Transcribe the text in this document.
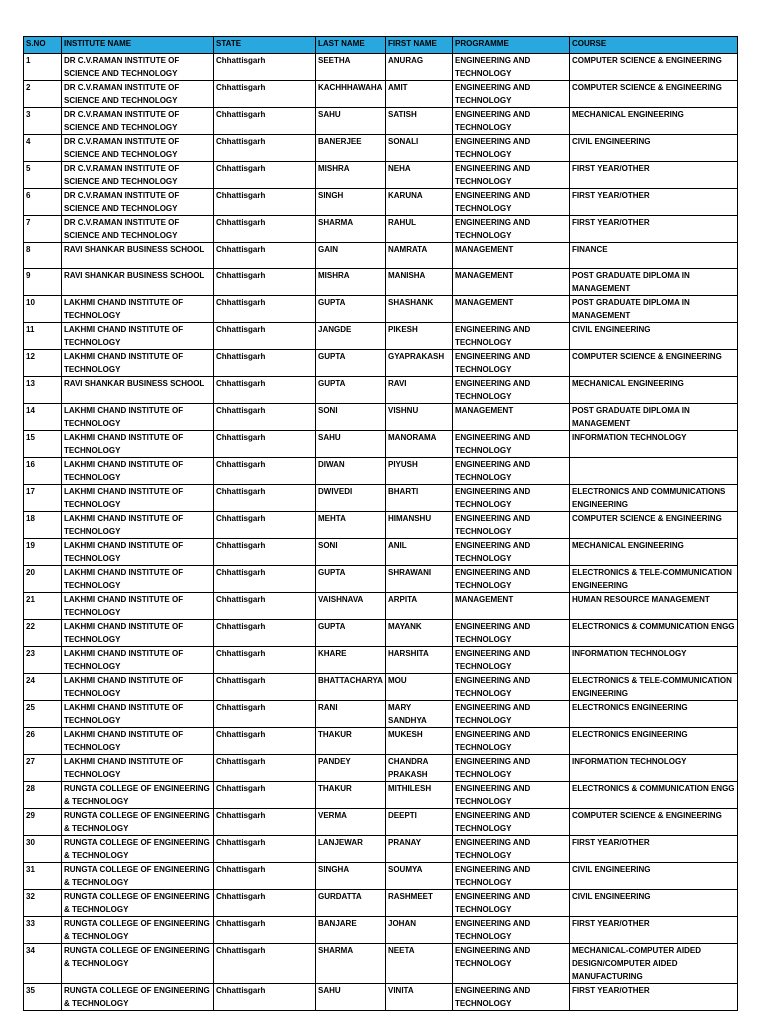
S.NO	INSTITUTE NAME	STATE	LAST NAME	FIRST NAME	PROGRAMME	COURSE
1	DR C.V.RAMAN INSTITUTE OF SCIENCE AND TECHNOLOGY	Chhattisgarh	SEETHA	ANURAG	ENGINEERING AND TECHNOLOGY	COMPUTER SCIENCE & ENGINEERING
2	DR C.V.RAMAN INSTITUTE OF SCIENCE AND TECHNOLOGY	Chhattisgarh	KACHHHAWAHA	AMIT	ENGINEERING AND TECHNOLOGY	COMPUTER SCIENCE & ENGINEERING
3	DR C.V.RAMAN INSTITUTE OF SCIENCE AND TECHNOLOGY	Chhattisgarh	SAHU	SATISH	ENGINEERING AND TECHNOLOGY	MECHANICAL ENGINEERING
4	DR C.V.RAMAN INSTITUTE OF SCIENCE AND TECHNOLOGY	Chhattisgarh	BANERJEE	SONALI	ENGINEERING AND TECHNOLOGY	CIVIL ENGINEERING
5	DR C.V.RAMAN INSTITUTE OF SCIENCE AND TECHNOLOGY	Chhattisgarh	MISHRA	NEHA	ENGINEERING AND TECHNOLOGY	FIRST YEAR/OTHER
6	DR C.V.RAMAN INSTITUTE OF SCIENCE AND TECHNOLOGY	Chhattisgarh	SINGH	KARUNA	ENGINEERING AND TECHNOLOGY	FIRST YEAR/OTHER
7	DR C.V.RAMAN INSTITUTE OF SCIENCE AND TECHNOLOGY	Chhattisgarh	SHARMA	RAHUL	ENGINEERING AND TECHNOLOGY	FIRST YEAR/OTHER
8	RAVI SHANKAR BUSINESS SCHOOL	Chhattisgarh	GAIN	NAMRATA	MANAGEMENT	FINANCE
9	RAVI SHANKAR BUSINESS SCHOOL	Chhattisgarh	MISHRA	MANISHA	MANAGEMENT	POST GRADUATE DIPLOMA IN MANAGEMENT
10	LAKHMI CHAND INSTITUTE OF TECHNOLOGY	Chhattisgarh	GUPTA	SHASHANK	MANAGEMENT	POST GRADUATE DIPLOMA IN MANAGEMENT
11	LAKHMI CHAND INSTITUTE OF TECHNOLOGY	Chhattisgarh	JANGDE	PIKESH	ENGINEERING AND TECHNOLOGY	CIVIL ENGINEERING
12	LAKHMI CHAND INSTITUTE OF TECHNOLOGY	Chhattisgarh	GUPTA	GYAPRAKASH	ENGINEERING AND TECHNOLOGY	COMPUTER SCIENCE & ENGINEERING
13	RAVI SHANKAR BUSINESS SCHOOL	Chhattisgarh	GUPTA	RAVI	ENGINEERING AND TECHNOLOGY	MECHANICAL ENGINEERING
14	LAKHMI CHAND INSTITUTE OF TECHNOLOGY	Chhattisgarh	SONI	VISHNU	MANAGEMENT	POST GRADUATE DIPLOMA IN MANAGEMENT
15	LAKHMI CHAND INSTITUTE OF TECHNOLOGY	Chhattisgarh	SAHU	MANORAMA	ENGINEERING AND TECHNOLOGY	INFORMATION TECHNOLOGY
16	LAKHMI CHAND INSTITUTE OF TECHNOLOGY	Chhattisgarh	DIWAN	PIYUSH	ENGINEERING AND TECHNOLOGY	
17	LAKHMI CHAND INSTITUTE OF TECHNOLOGY	Chhattisgarh	DWIVEDI	BHARTI	ENGINEERING AND TECHNOLOGY	ELECTRONICS AND COMMUNICATIONS ENGINEERING
18	LAKHMI CHAND INSTITUTE OF TECHNOLOGY	Chhattisgarh	MEHTA	HIMANSHU	ENGINEERING AND TECHNOLOGY	COMPUTER SCIENCE & ENGINEERING
19	LAKHMI CHAND INSTITUTE OF TECHNOLOGY	Chhattisgarh	SONI	ANIL	ENGINEERING AND TECHNOLOGY	MECHANICAL ENGINEERING
20	LAKHMI CHAND INSTITUTE OF TECHNOLOGY	Chhattisgarh	GUPTA	SHRAWANI	ENGINEERING AND TECHNOLOGY	ELECTRONICS & TELE-COMMUNICATION ENGINEERING
21	LAKHMI CHAND INSTITUTE OF TECHNOLOGY	Chhattisgarh	VAISHNAVA	ARPITA	MANAGEMENT	HUMAN RESOURCE MANAGEMENT
22	LAKHMI CHAND INSTITUTE OF TECHNOLOGY	Chhattisgarh	GUPTA	MAYANK	ENGINEERING AND TECHNOLOGY	ELECTRONICS & COMMUNICATION ENGG
23	LAKHMI CHAND INSTITUTE OF TECHNOLOGY	Chhattisgarh	KHARE	HARSHITA	ENGINEERING AND TECHNOLOGY	INFORMATION TECHNOLOGY
24	LAKHMI CHAND INSTITUTE OF TECHNOLOGY	Chhattisgarh	BHATTACHARYA	MOU	ENGINEERING AND TECHNOLOGY	ELECTRONICS & TELE-COMMUNICATION ENGINEERING
25	LAKHMI CHAND INSTITUTE OF TECHNOLOGY	Chhattisgarh	RANI	MARY SANDHYA	ENGINEERING AND TECHNOLOGY	ELECTRONICS ENGINEERING
26	LAKHMI CHAND INSTITUTE OF TECHNOLOGY	Chhattisgarh	THAKUR	MUKESH	ENGINEERING AND TECHNOLOGY	ELECTRONICS ENGINEERING
27	LAKHMI CHAND INSTITUTE OF TECHNOLOGY	Chhattisgarh	PANDEY	CHANDRA PRAKASH	ENGINEERING AND TECHNOLOGY	INFORMATION TECHNOLOGY
28	RUNGTA COLLEGE OF ENGINEERING & TECHNOLOGY	Chhattisgarh	THAKUR	MITHILESH	ENGINEERING AND TECHNOLOGY	ELECTRONICS & COMMUNICATION ENGG
29	RUNGTA COLLEGE OF ENGINEERING & TECHNOLOGY	Chhattisgarh	VERMA	DEEPTI	ENGINEERING AND TECHNOLOGY	COMPUTER SCIENCE & ENGINEERING
30	RUNGTA COLLEGE OF ENGINEERING & TECHNOLOGY	Chhattisgarh	LANJEWAR	PRANAY	ENGINEERING AND TECHNOLOGY	FIRST YEAR/OTHER
31	RUNGTA COLLEGE OF ENGINEERING & TECHNOLOGY	Chhattisgarh	SINGHA	SOUMYA	ENGINEERING AND TECHNOLOGY	CIVIL ENGINEERING
32	RUNGTA COLLEGE OF ENGINEERING & TECHNOLOGY	Chhattisgarh	GURDATTA	RASHMEET	ENGINEERING AND TECHNOLOGY	CIVIL ENGINEERING
33	RUNGTA COLLEGE OF ENGINEERING & TECHNOLOGY	Chhattisgarh	BANJARE	JOHAN	ENGINEERING AND TECHNOLOGY	FIRST YEAR/OTHER
34	RUNGTA COLLEGE OF ENGINEERING & TECHNOLOGY	Chhattisgarh	SHARMA	NEETA	ENGINEERING AND TECHNOLOGY	MECHANICAL-COMPUTER AIDED DESIGN/COMPUTER AIDED MANUFACTURING
35	RUNGTA COLLEGE OF ENGINEERING & TECHNOLOGY	Chhattisgarh	SAHU	VINITA	ENGINEERING AND TECHNOLOGY	FIRST YEAR/OTHER
